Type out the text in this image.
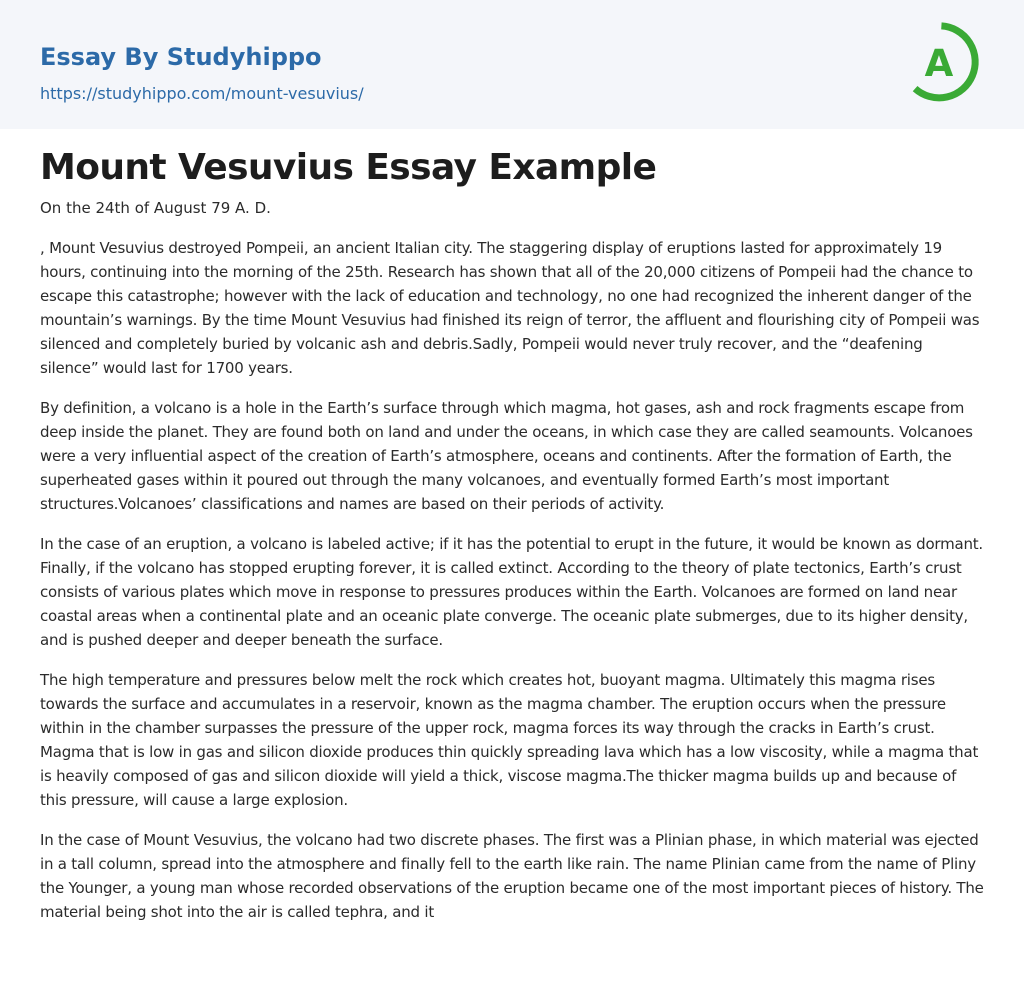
Essay By Studyhippo
https://studyhippo.com/mount-vesuvius/
A
Mount Vesuvius Essay Example

On the 24th of August 79 A. D.

, Mount Vesuvius destroyed Pompeii, an ancient Italian city. The staggering display of eruptions lasted for approximately 19 hours, continuing into the morning of the 25th. Research has shown that all of the 20,000 citizens of Pompeii had the chance to escape this catastrophe; however with the lack of education and technology, no one had recognized the inherent danger of the mountain’s warnings. By the time Mount Vesuvius had finished its reign of terror, the affluent and flourishing city of Pompeii was silenced and completely buried by volcanic ash and debris.Sadly, Pompeii would never truly recover, and the “deafening silence” would last for 1700 years.

By definition, a volcano is a hole in the Earth’s surface through which magma, hot gases, ash and rock fragments escape from deep inside the planet. They are found both on land and under the oceans, in which case they are called seamounts. Volcanoes were a very influential aspect of the creation of Earth’s atmosphere, oceans and continents. After the formation of Earth, the superheated gases within it poured out through the many volcanoes, and eventually formed Earth’s most important structures.Volcanoes’ classifications and names are based on their periods of activity.

In the case of an eruption, a volcano is labeled active; if it has the potential to erupt in the future, it would be known as dormant. Finally, if the volcano has stopped erupting forever, it is called extinct. According to the theory of plate tectonics, Earth’s crust consists of various plates which move in response to pressures produces within the Earth. Volcanoes are formed on land near coastal areas when a continental plate and an oceanic plate converge. The oceanic plate submerges, due to its higher density, and is pushed deeper and deeper beneath the surface.

The high temperature and pressures below melt the rock which creates hot, buoyant magma. Ultimately this magma rises towards the surface and accumulates in a reservoir, known as the magma chamber. The eruption occurs when the pressure within in the chamber surpasses the pressure of the upper rock, magma forces its way through the cracks in Earth’s crust. Magma that is low in gas and silicon dioxide produces thin quickly spreading lava which has a low viscosity, while a magma that is heavily composed of gas and silicon dioxide will yield a thick, viscose magma.The thicker magma builds up and because of this pressure, will cause a large explosion.

In the case of Mount Vesuvius, the volcano had two discrete phases. The first was a Plinian phase, in which material was ejected in a tall column, spread into the atmosphere and finally fell to the earth like rain. The name Plinian came from the name of Pliny the Younger, a young man whose recorded observations of the eruption became one of the most important pieces of history. The material being shot into the air is called tephra, and it
